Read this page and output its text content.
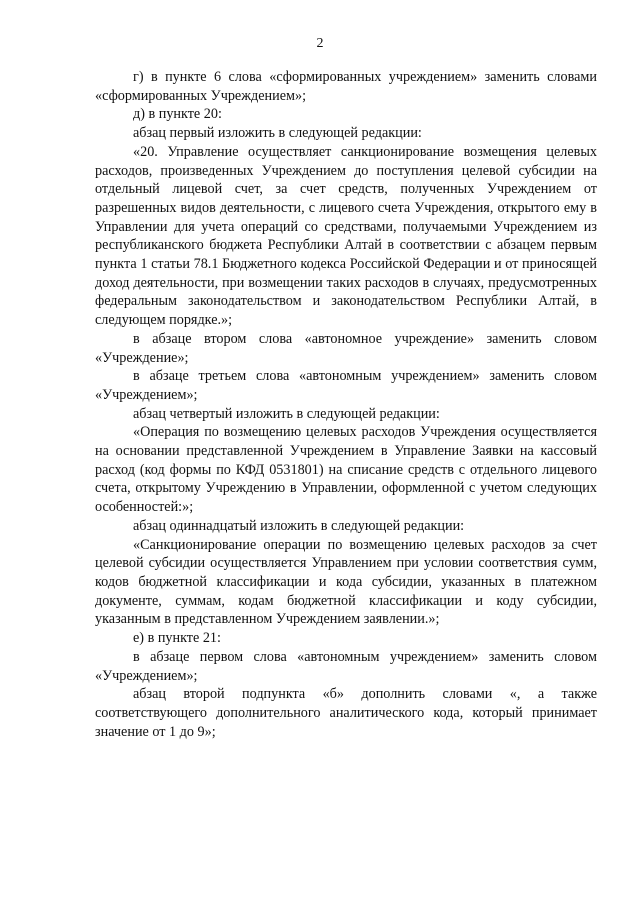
2

г) в пункте 6 слова «сформированных учреждением» заменить словами «сформированных Учреждением»;

д) в пункте 20:

абзац первый изложить в следующей редакции:

«20. Управление осуществляет санкционирование возмещения целевых расходов, произведенных Учреждением до поступления целевой субсидии на отдельный лицевой счет, за счет средств, полученных Учреждением от разрешенных видов деятельности, с лицевого счета Учреждения, открытого ему в Управлении для учета операций со средствами, получаемыми Учреждением из республиканского бюджета Республики Алтай в соответствии с абзацем первым пункта 1 статьи 78.1 Бюджетного кодекса Российской Федерации и от приносящей доход деятельности, при возмещении таких расходов в случаях, предусмотренных федеральным законодательством и законодательством Республики Алтай, в следующем порядке.»;

в абзаце втором слова «автономное учреждение» заменить словом «Учреждение»;

в абзаце третьем слова «автономным учреждением» заменить словом «Учреждением»;

абзац четвертый изложить в следующей редакции:

«Операция по возмещению целевых расходов Учреждения осуществляется на основании представленной Учреждением в Управление Заявки на кассовый расход (код формы по КФД 0531801) на списание средств с отдельного лицевого счета, открытому Учреждению в Управлении, оформленной с учетом следующих особенностей:»;

абзац одиннадцатый изложить в следующей редакции:

«Санкционирование операции по возмещению целевых расходов за счет целевой субсидии осуществляется Управлением при условии соответствия сумм, кодов бюджетной классификации и кода субсидии, указанных в платежном документе, суммам, кодам бюджетной классификации и коду субсидии, указанным в представленном Учреждением заявлении.»;

е) в пункте 21:

в абзаце первом слова «автономным учреждением» заменить словом «Учреждением»;

абзац второй подпункта «б» дополнить словами «, а также соответствующего дополнительного аналитического кода, который принимает значение от 1 до 9»;
